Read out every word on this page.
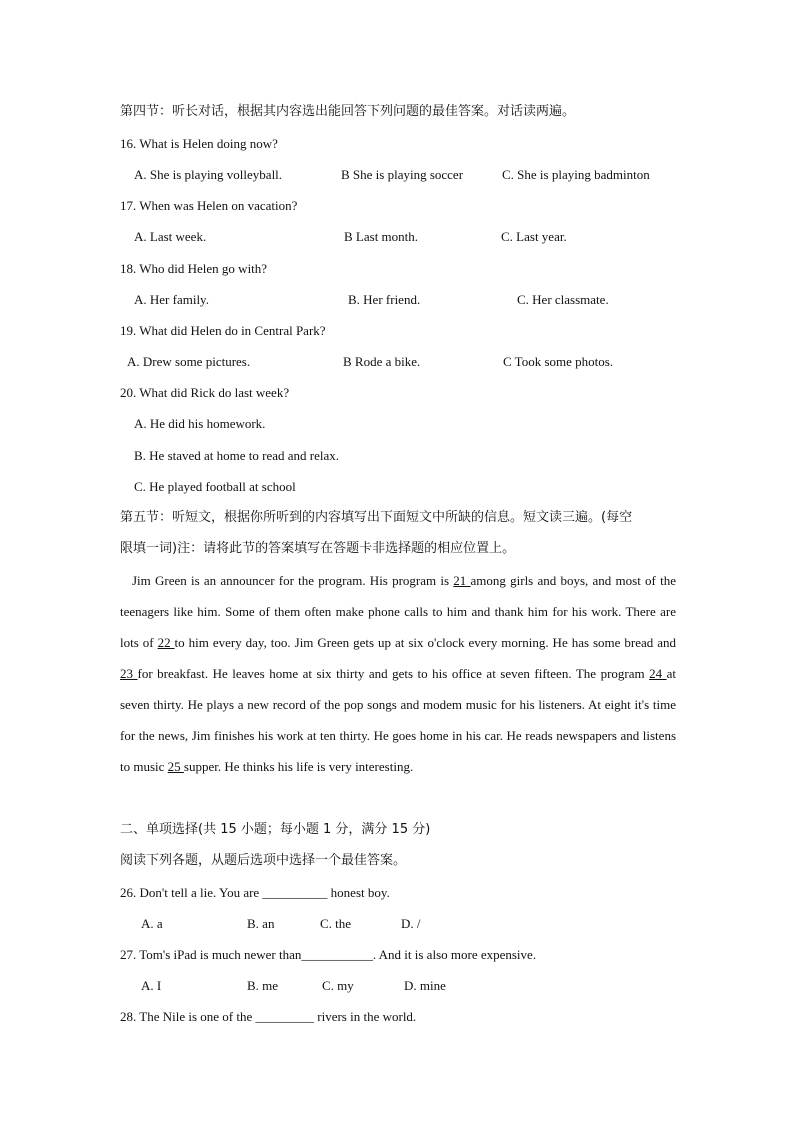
第四节：听长对话，根据其内容选出能回答下列问题的最佳答案。对话读两遍。
16. What is Helen doing now?
A. She is playing volleyball.	B She is playing soccer	C. She is playing badminton
17. When was Helen on vacation?
A. Last week.	B Last month.	C. Last year.
18. Who did Helen go with?
A. Her family.	B. Her friend.	C. Her classmate.
19. What did Helen do in Central Park?
A. Drew some pictures.	B Rode a bike.	C Took some photos.
20. What did Rick do last week?
A. He did his homework.
B. He staved at home to read and relax.
C. He played football at school
第五节：听短文，根据你所听到的内容填写出下面短文中所缺的信息。短文读三遍。(每空
限填一词)注：请将此节的答案填写在答题卡非选择题的相应位置上。
Jim Green is an announcer for the program. His program is 21 among girls and boys, and most of the teenagers like him. Some of them often make phone calls to him and thank him for his work. There are lots of 22 to him every day, too. Jim Green gets up at six o'clock every morning. He has some bread and 23 for breakfast. He leaves home at six thirty and gets to his office at seven fifteen. The program 24 at seven thirty. He plays a new record of the pop songs and modem music for his listeners. At eight it's time for the news, Jim finishes his work at ten thirty. He goes home in his car. He reads newspapers and listens to music 25 supper. He thinks his life is very interesting.
二、单项选择(共 15 小题；每小题 1 分，满分 15 分)
阅读下列各题，从题后选项中选择一个最佳答案。
26. Don't tell a lie. You are __________ honest boy.
A. a	B. an	C. the	D. /
27. Tom's iPad is much newer than___________. And it is also more expensive.
A. I	B. me	C. my	D. mine
28. The Nile is one of the _________ rivers in the world.
